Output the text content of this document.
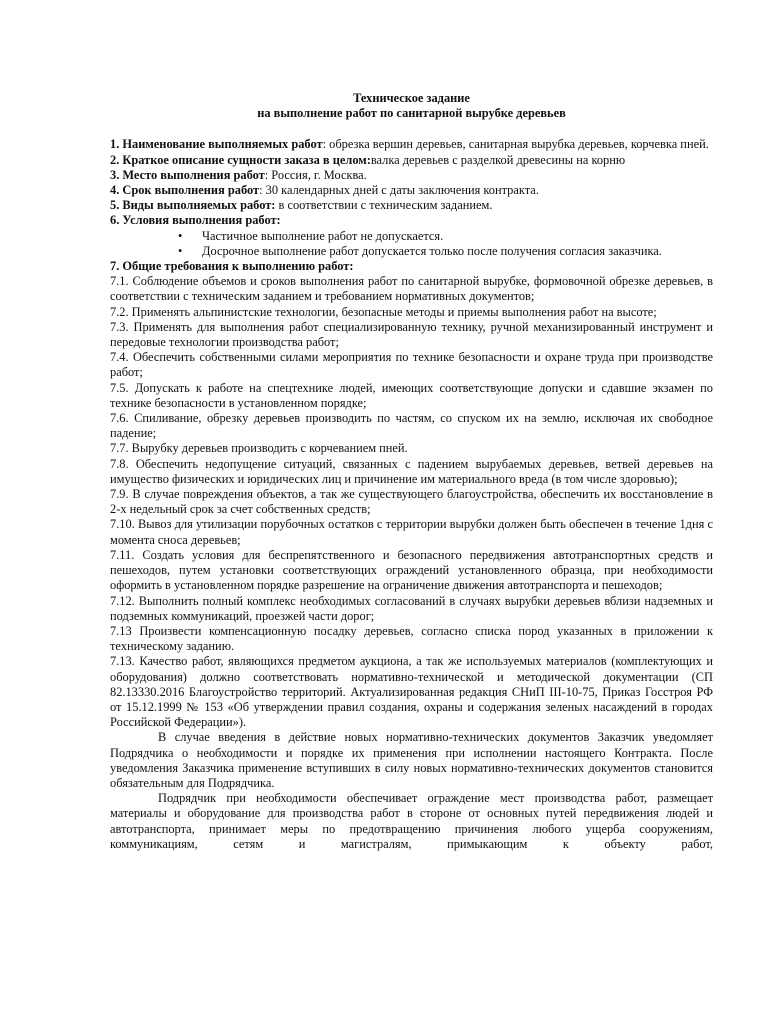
Техническое задание
на выполнение работ по санитарной вырубке деревьев

1. Наименование выполняемых работ: обрезка вершин деревьев, санитарная вырубка деревьев, корчевка пней.

2. Краткое описание сущности заказа в целом:валка деревьев с разделкой древесины на корню

3. Место выполнения работ: Россия, г. Москва.

4. Срок выполнения работ: 30 календарных дней с даты заключения контракта.

5. Виды выполняемых работ: в соответствии с техническим заданием.

6. Условия выполнения работ:

• Частичное выполнение работ не допускается.
• Досрочное выполнение работ допускается только после получения согласия заказчика.

7. Общие требования к выполнению работ:

7.1. Соблюдение объемов и сроков выполнения работ по санитарной вырубке, формовочной обрезке деревьев, в соответствии с техническим заданием и требованием нормативных документов;

7.2. Применять альпинистские технологии, безопасные методы и приемы выполнения работ на высоте;

7.3. Применять для выполнения работ специализированную технику, ручной механизированный инструмент и передовые технологии производства работ;

7.4. Обеспечить собственными силами мероприятия по технике безопасности и охране труда при производстве работ;

7.5. Допускать к работе на спецтехнике людей, имеющих соответствующие допуски и сдавшие экзамен по технике безопасности в установленном порядке;

7.6. Спиливание, обрезку деревьев производить по частям, со спуском их на землю, исключая их свободное падение;

7.7. Вырубку деревьев производить с корчеванием пней.

7.8. Обеспечить недопущение ситуаций, связанных с падением вырубаемых деревьев, ветвей деревьев на имущество физических и юридических лиц и причинение им материального вреда (в том числе здоровью);

7.9. В случае повреждения объектов, а так же существующего благоустройства, обеспечить их восстановление в 2-х недельный срок за счет собственных средств;

7.10. Вывоз для утилизации порубочных остатков с территории вырубки должен быть обеспечен в течение 1дня с момента сноса деревьев;

7.11. Создать условия для беспрепятственного и безопасного передвижения автотранспортных средств и пешеходов, путем установки соответствующих ограждений установленного образца, при необходимости оформить в установленном порядке разрешение на ограничение движения автотранспорта и пешеходов;

7.12. Выполнить полный комплекс необходимых согласований в случаях вырубки деревьев вблизи надземных и подземных коммуникаций, проезжей части дорог;

7.13 Произвести компенсационную посадку деревьев, согласно списка пород указанных в приложении к техническому заданию.

7.13. Качество работ, являющихся предметом аукциона, а так же используемых материалов (комплектующих и оборудования) должно соответствовать нормативно-технической и методической документации (СП 82.13330.2016 Благоустройство территорий. Актуализированная редакция СНиП III-10-75, Приказ Госстроя РФ от 15.12.1999 № 153 «Об утверждении правил создания, охраны и содержания зеленых насаждений в городах Российской Федерации»).

В случае введения в действие новых нормативно-технических документов Заказчик уведомляет Подрядчика о необходимости и порядке их применения при исполнении настоящего Контракта. После уведомления Заказчика применение вступивших в силу новых нормативно-технических документов становится обязательным для Подрядчика.

Подрядчик при необходимости обеспечивает ограждение мест производства работ, размещает материалы и оборудование для производства работ в стороне от основных путей передвижения людей и автотранспорта, принимает меры по предотвращению причинения любого ущерба сооружениям, коммуникациям, сетям и магистралям, примыкающим к объекту работ,
